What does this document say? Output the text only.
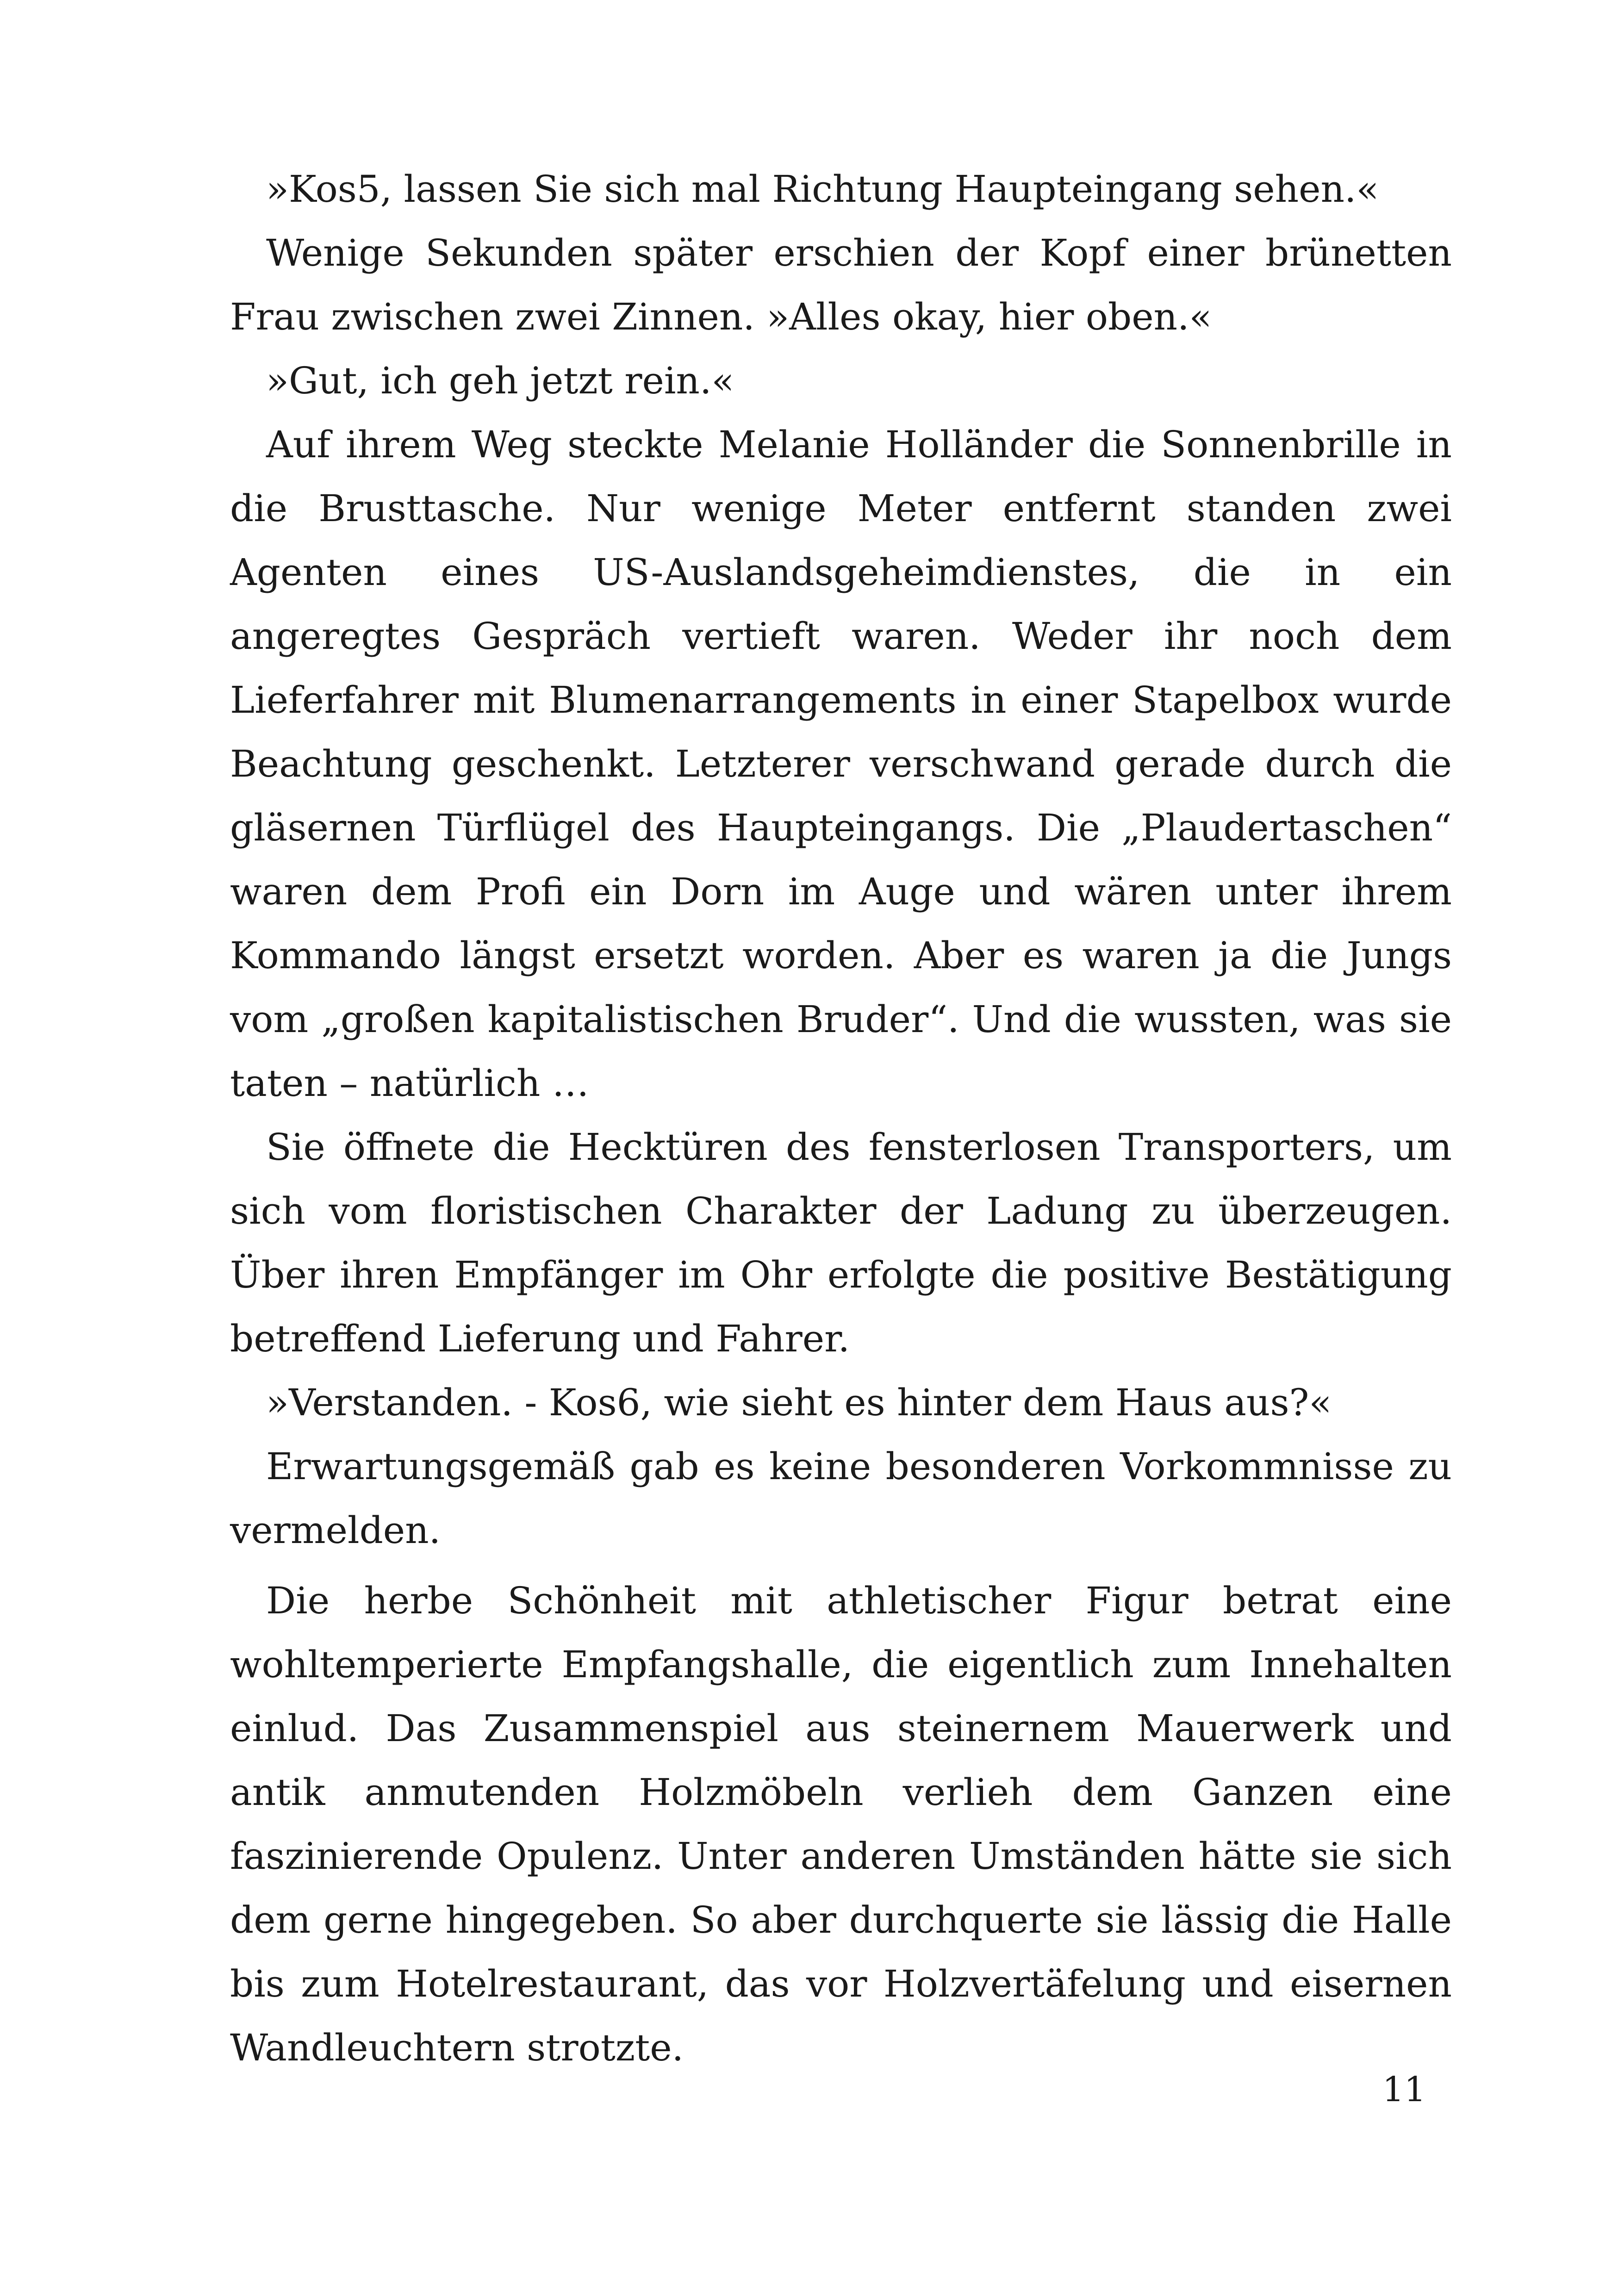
»Kos5, lassen Sie sich mal Richtung Haupteingang sehen.«

Wenige Sekunden später erschien der Kopf einer brünetten Frau zwischen zwei Zinnen. »Alles okay, hier oben.«

»Gut, ich geh jetzt rein.«

Auf ihrem Weg steckte Melanie Holländer die Sonnenbrille in die Brusttasche. Nur wenige Meter entfernt standen zwei Agenten eines US-Auslandsgeheimdienstes, die in ein angeregtes Gespräch vertieft waren. Weder ihr noch dem Lieferfahrer mit Blumenarrangements in einer Stapelbox wurde Beachtung geschenkt. Letzterer verschwand gerade durch die gläsernen Türflügel des Haupteingangs. Die „Plaudertaschen“ waren dem Profi ein Dorn im Auge und wären unter ihrem Kommando längst ersetzt worden. Aber es waren ja die Jungs vom „großen kapitalistischen Bruder“. Und die wussten, was sie taten – natürlich …

Sie öffnete die Hecktüren des fensterlosen Transporters, um sich vom floristischen Charakter der Ladung zu überzeugen. Über ihren Empfänger im Ohr erfolgte die positive Bestätigung betreffend Lieferung und Fahrer.

»Verstanden. - Kos6, wie sieht es hinter dem Haus aus?«

Erwartungsgemäß gab es keine besonderen Vorkommnisse zu vermelden.

Die herbe Schönheit mit athletischer Figur betrat eine wohltemperierte Empfangshalle, die eigentlich zum Innehalten einlud. Das Zusammenspiel aus steinernem Mauerwerk und antik anmutenden Holzmöbeln verlieh dem Ganzen eine faszinierende Opulenz. Unter anderen Umständen hätte sie sich dem gerne hingegeben. So aber durchquerte sie lässig die Halle bis zum Hotelrestaurant, das vor Holzvertäfelung und eisernen Wandleuchtern strotzte.

11
